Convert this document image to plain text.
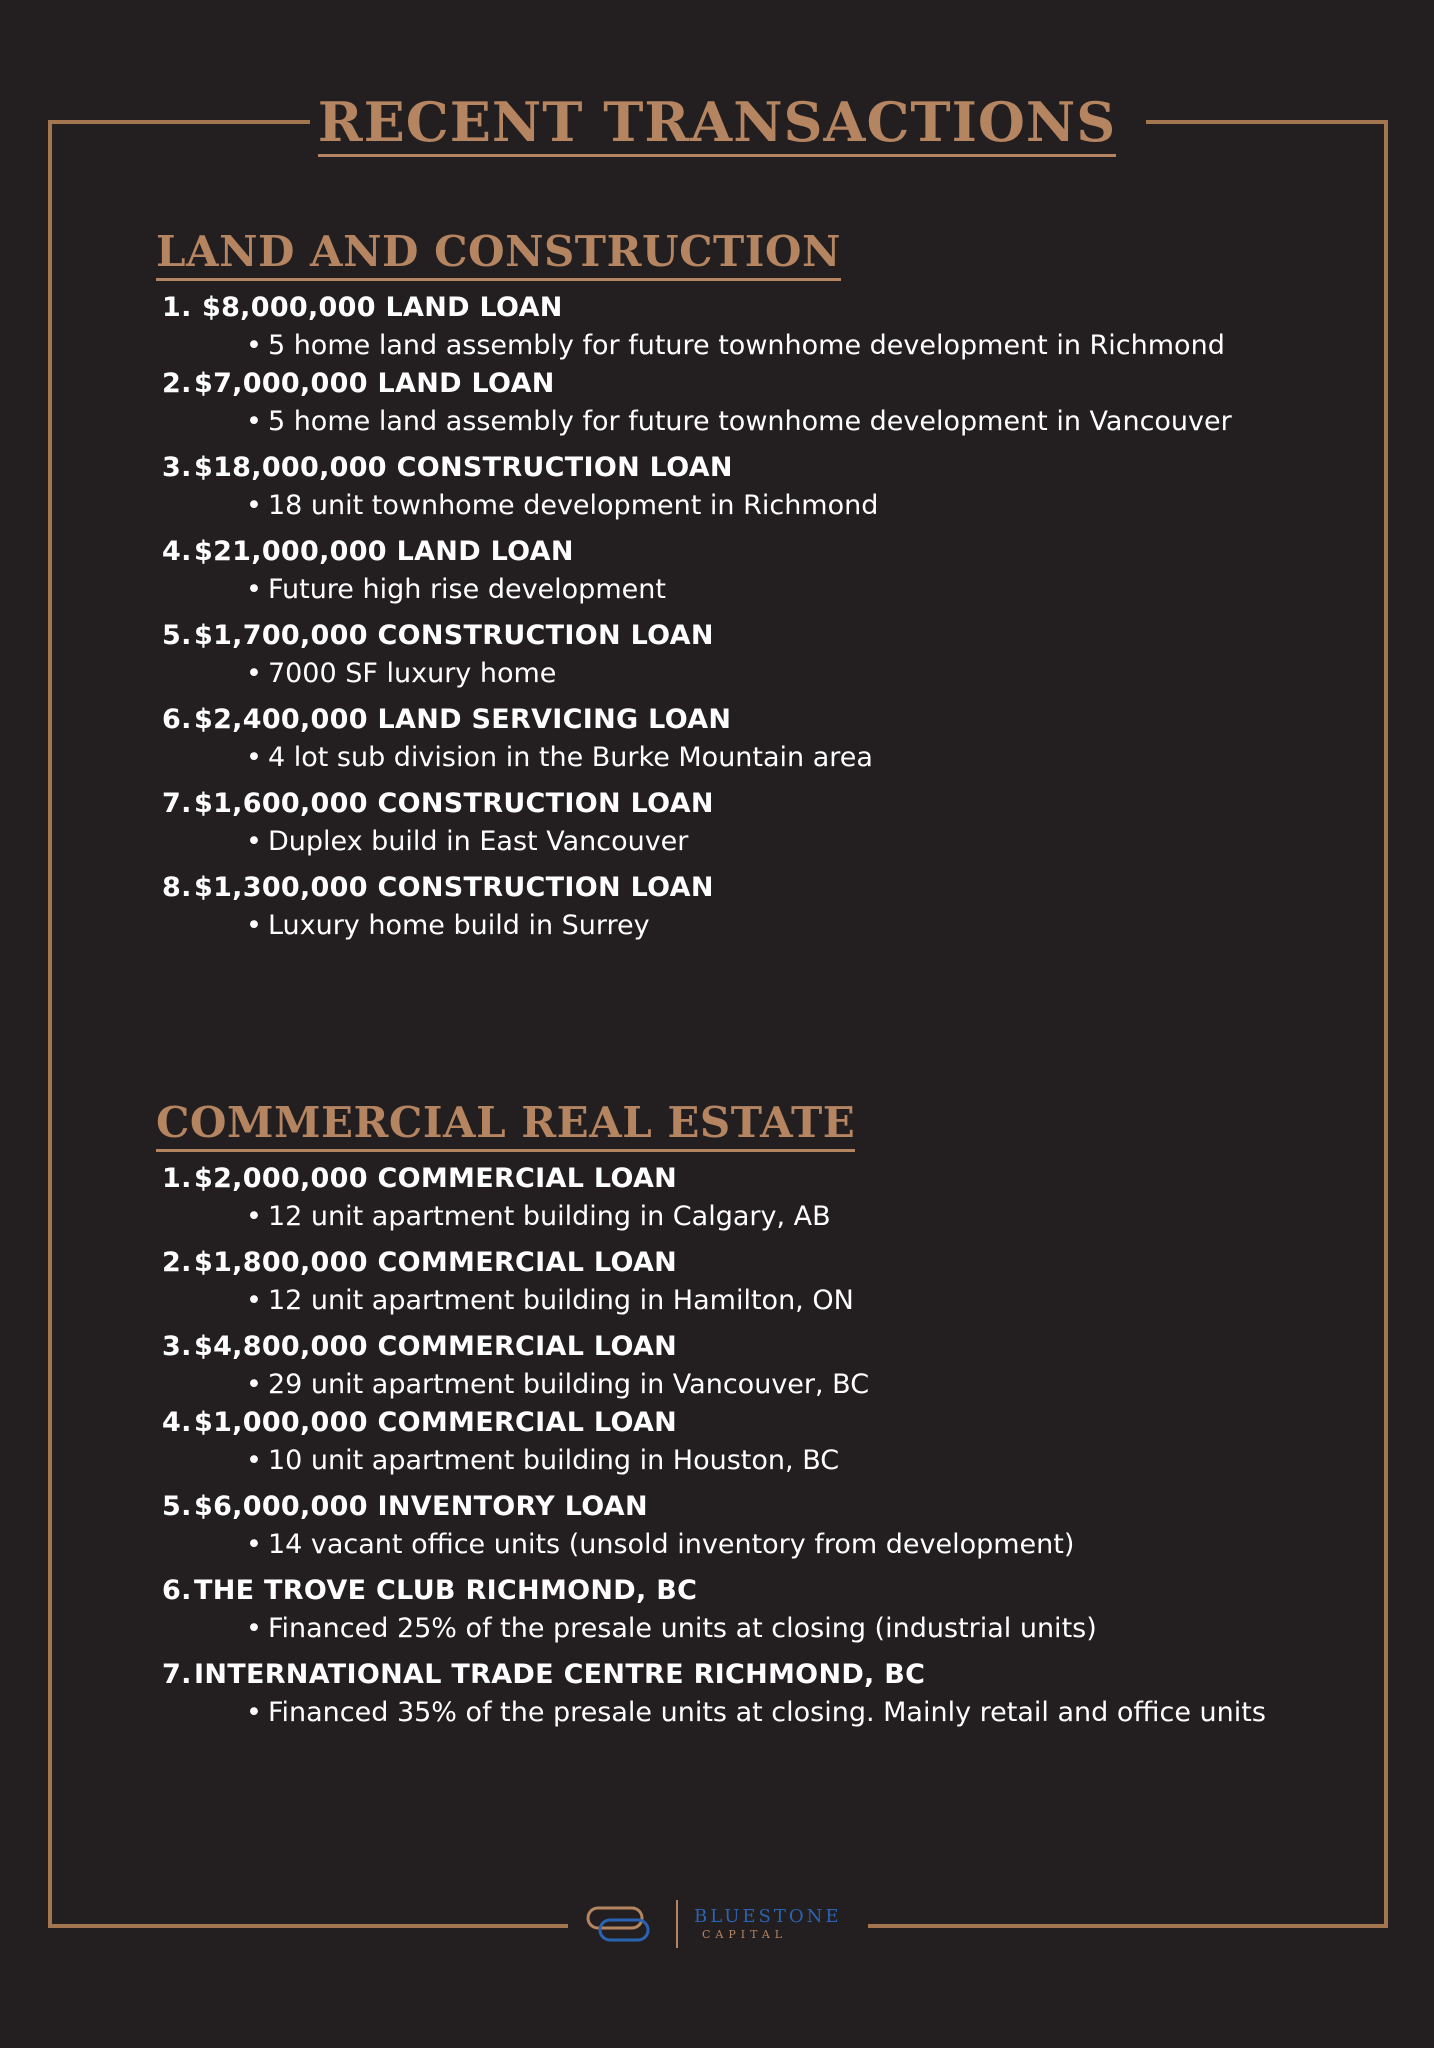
RECENT TRANSACTIONS
LAND AND CONSTRUCTION
1. $8,000,000 LAND LOAN
• 5 home land assembly for future townhome development in Richmond
2. $7,000,000 LAND LOAN
• 5 home land assembly for future townhome development in Vancouver
3. $18,000,000 CONSTRUCTION LOAN
• 18 unit townhome development in Richmond
4. $21,000,000 LAND LOAN
• Future high rise development
5. $1,700,000 CONSTRUCTION LOAN
• 7000 SF luxury home
6. $2,400,000 LAND SERVICING LOAN
• 4 lot sub division in the Burke Mountain area
7. $1,600,000 CONSTRUCTION LOAN
• Duplex build in East Vancouver
8. $1,300,000 CONSTRUCTION LOAN
• Luxury home build in Surrey
COMMERCIAL REAL ESTATE
1. $2,000,000 COMMERCIAL LOAN
• 12 unit apartment building in Calgary, AB
2. $1,800,000 COMMERCIAL LOAN
• 12 unit apartment building in Hamilton, ON
3. $4,800,000 COMMERCIAL LOAN
• 29 unit apartment building in Vancouver, BC
4. $1,000,000 COMMERCIAL LOAN
• 10 unit apartment building in Houston, BC
5. $6,000,000 INVENTORY LOAN
• 14 vacant office units (unsold inventory from development)
6. THE TROVE CLUB RICHMOND, BC
• Financed 25% of the presale units at closing (industrial units)
7. INTERNATIONAL TRADE CENTRE RICHMOND, BC
• Financed 35% of the presale units at closing. Mainly retail and office units
BLUESTONE
CAPITAL
